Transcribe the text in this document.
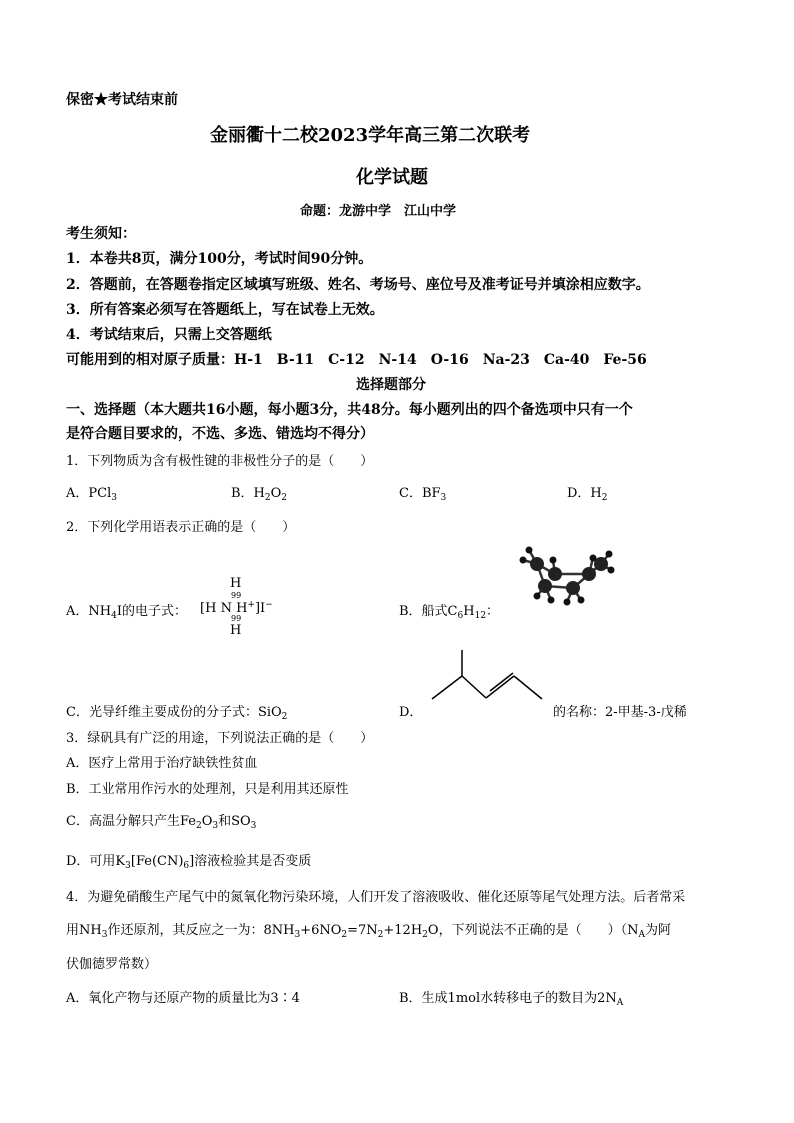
保密★考试结束前
金丽衢十二校2023学年高三第二次联考
化学试题
命题：龙游中学　江山中学
考生须知：
1．本卷共8页，满分100分，考试时间90分钟。
2．答题前，在答题卷指定区域填写班级、姓名、考场号、座位号及准考证号并填涂相应数字。
3．所有答案必须写在答题纸上，写在试卷上无效。
4．考试结束后，只需上交答题纸
可能用到的相对原子质量：H-1　B-11　C-12　N-14　O-16　Na-23　Ca-40　Fe-56
选择题部分
一、选择题（本大题共16小题，每小题3分，共48分。每小题列出的四个备选项中只有一个
是符合题目要求的，不选、多选、错选均不得分）
1．下列物质为含有极性键的非极性分子的是（　　）
A．PCl$_3$	B．$H_2O_2$	C．$BF_3$	D．$H_2$
2．下列化学用语表示正确的是（　　）
A．$NH_4I$的电子式： [H N H+]I−
H
99
99
H
B．船式$C_6H_{12}$：
C．光导纤维主要成份的分子式：SiO$_2$	D．	的名称：2-甲基-3-戊稀
3．绿矾具有广泛的用途，下列说法正确的是（　　）
A．医疗上常用于治疗缺铁性贫血
B．工业常用作污水的处理剂，只是利用其还原性
C．高温分解只产生$Fe_2O_3$和$SO_3$
D．可用$K_3[Fe(CN)_6]$溶液检验其是否变质
4．为避免硝酸生产尾气中的氮氧化物污染环境，人们开发了溶液吸收、催化还原等尾气处理方法。后者常采
用$NH_3$作还原剂，其反应之一为：$8NH_3+6NO_2=7N_2+12H_2O$，下列说法不正确的是（　　）（$N_A$为阿
伏伽德罗常数）
A．氧化产物与还原产物的质量比为3∶4	B．生成1mol水转移电子的数目为$2N_A$
